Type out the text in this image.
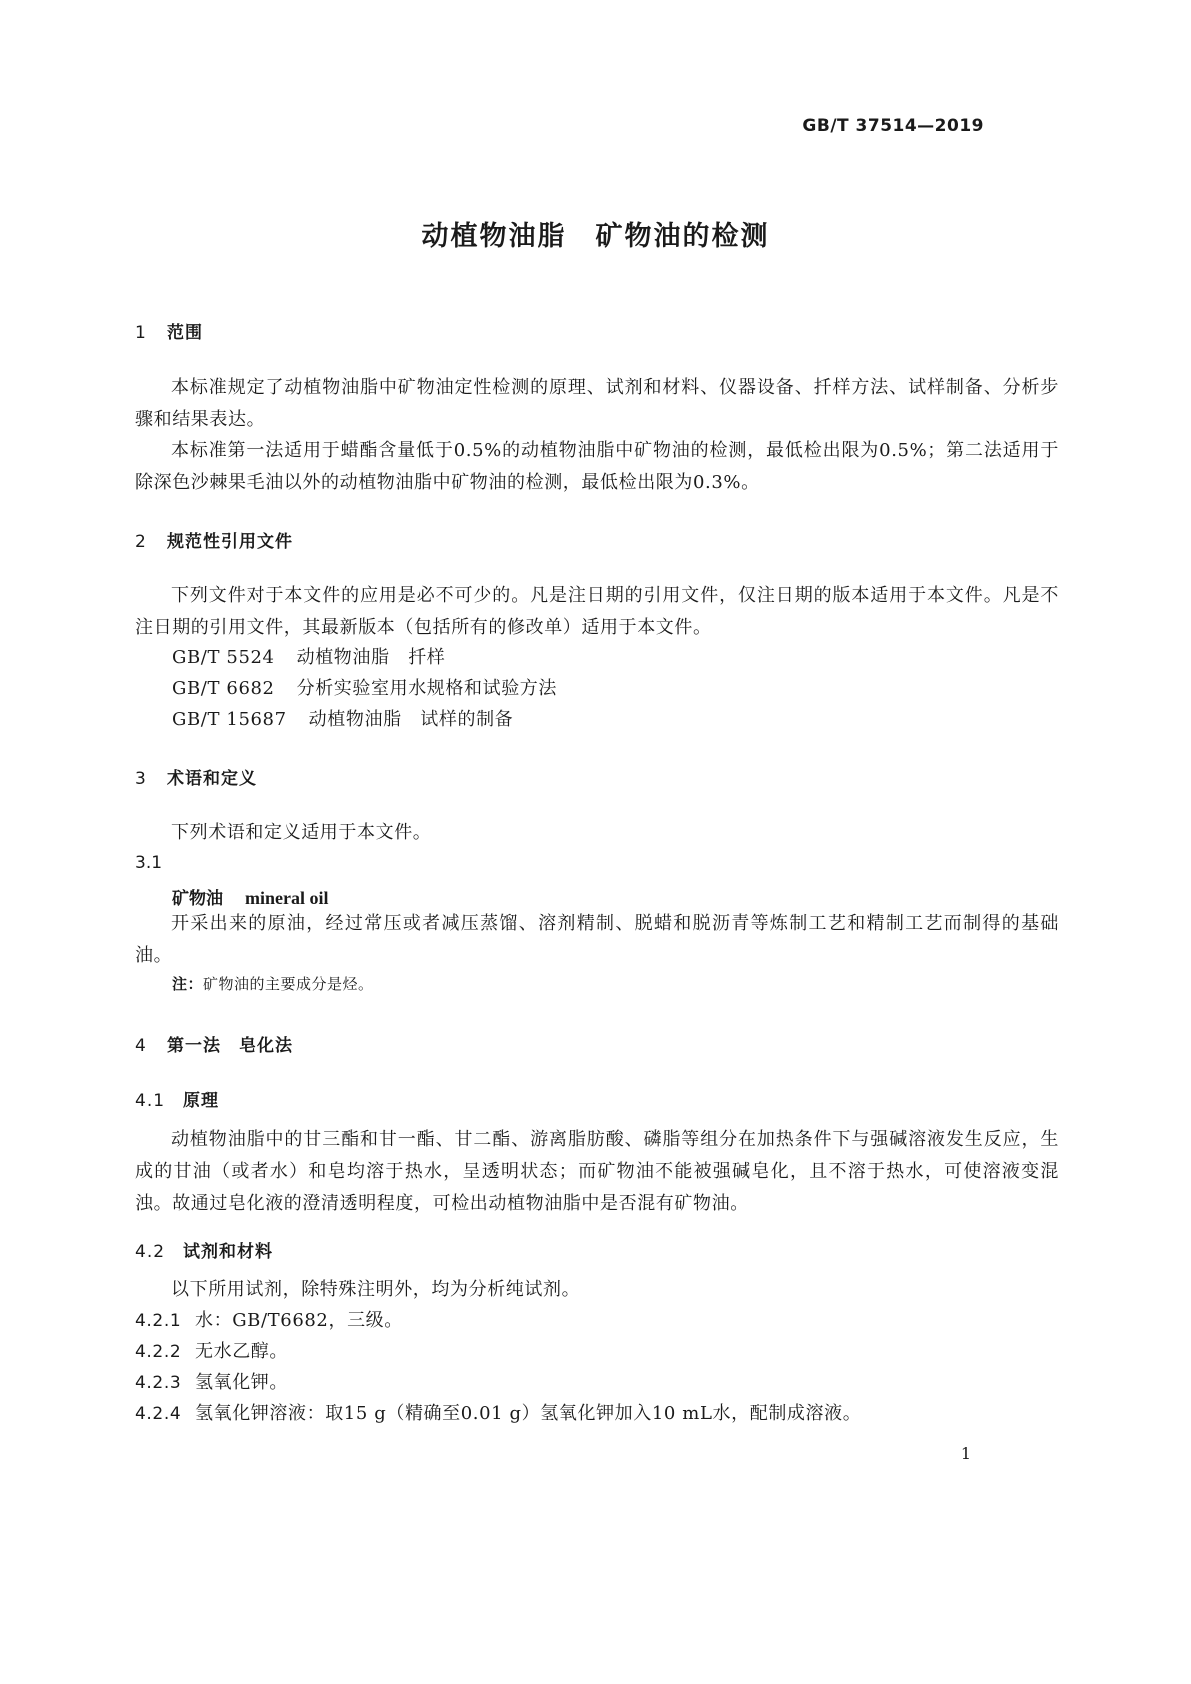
GB/T 37514—2019
动植物油脂　矿物油的检测
1 范围
本标准规定了动植物油脂中矿物油定性检测的原理、试剂和材料、仪器设备、扦样方法、试样制备、分析步骤和结果表达。
本标准第一法适用于蜡酯含量低于0.5%的动植物油脂中矿物油的检测，最低检出限为0.5%；第二法适用于除深色沙棘果毛油以外的动植物油脂中矿物油的检测，最低检出限为0.3%。
2 规范性引用文件
下列文件对于本文件的应用是必不可少的。凡是注日期的引用文件，仅注日期的版本适用于本文件。凡是不注日期的引用文件，其最新版本（包括所有的修改单）适用于本文件。
GB/T 5524 动植物油脂　扦样
GB/T 6682 分析实验室用水规格和试验方法
GB/T 15687 动植物油脂　试样的制备
3 术语和定义
下列术语和定义适用于本文件。
3.1
矿物油 mineral oil
开采出来的原油，经过常压或者减压蒸馏、溶剂精制、脱蜡和脱沥青等炼制工艺和精制工艺而制得的基础油。
注：矿物油的主要成分是烃。
4 第一法　皂化法
4.1 原理
动植物油脂中的甘三酯和甘一酯、甘二酯、游离脂肪酸、磷脂等组分在加热条件下与强碱溶液发生反应，生成的甘油（或者水）和皂均溶于热水，呈透明状态；而矿物油不能被强碱皂化，且不溶于热水，可使溶液变混浊。故通过皂化液的澄清透明程度，可检出动植物油脂中是否混有矿物油。
4.2 试剂和材料
以下所用试剂，除特殊注明外，均为分析纯试剂。
4.2.1 水：GB/T6682，三级。
4.2.2 无水乙醇。
4.2.3 氢氧化钾。
4.2.4 氢氧化钾溶液：取15 g（精确至0.01 g）氢氧化钾加入10 mL水，配制成溶液。
1
